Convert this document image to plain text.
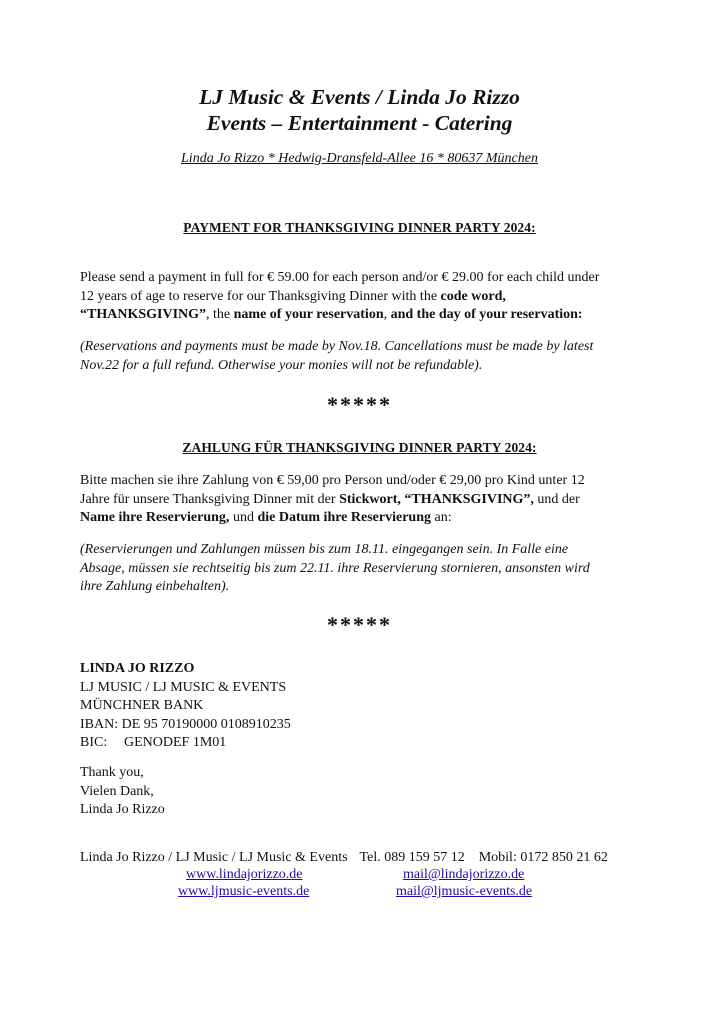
LJ Music & Events / Linda Jo Rizzo
Events – Entertainment - Catering
Linda Jo Rizzo * Hedwig-Dransfeld-Allee 16 * 80637 München
PAYMENT FOR THANKSGIVING DINNER PARTY 2024:
Please send a payment in full for € 59.00 for each person and/or € 29.00 for each child under
12 years of age to reserve for our Thanksgiving Dinner with the code word,
“THANKSGIVING”, the name of your reservation, and the day of your reservation:
(Reservations and payments must be made by Nov.18. Cancellations must be made by latest
Nov.22 for a full refund. Otherwise your monies will not be refundable).
*****
ZAHLUNG FÜR THANKSGIVING DINNER PARTY 2024:
Bitte machen sie ihre Zahlung von € 59,00 pro Person und/oder € 29,00 pro Kind unter 12
Jahre für unsere Thanksgiving Dinner mit der Stickwort, “THANKSGIVING”, und der
Name ihre Reservierung, und die Datum ihre Reservierung an:
(Reservierungen und Zahlungen müssen bis zum 18.11. eingegangen sein. In Falle eine
Absage, müssen sie rechtseitig bis zum 22.11. ihre Reservierung stornieren, ansonsten wird
ihre Zahlung einbehalten).
*****
LINDA JO RIZZO
LJ MUSIC / LJ MUSIC & EVENTS
MÜNCHNER BANK
IBAN: DE 95 70190000 0108910235
BIC: GENODEF 1M01
Thank you,
Vielen Dank,
Linda Jo Rizzo
Linda Jo Rizzo / LJ Music / LJ Music & Events Tel. 089 159 57 12 Mobil: 0172 850 21 62
www.lindajorizzo.de	mail@lindajorizzo.de
www.ljmusic-events.de	mail@ljmusic-events.de
